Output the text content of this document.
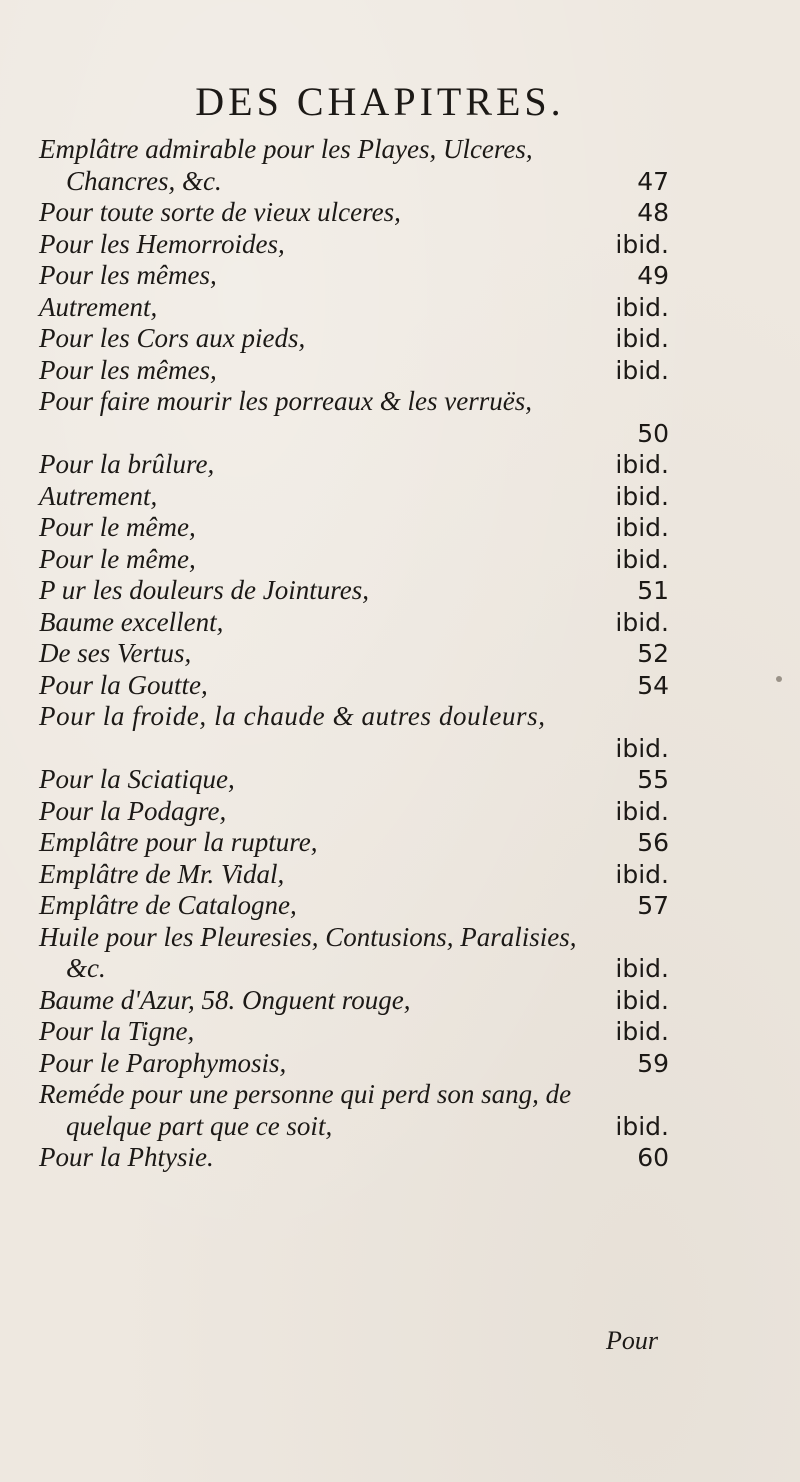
DES CHAPITRES.
Emplâtre admirable pour les Playes, Ulceres,
Chancres, &c.	47
Pour toute sorte de vieux ulceres,	48
Pour les Hemorroides,	ibid.
Pour les mêmes,	49
Autrement,	ibid.
Pour les Cors aux pieds,	ibid.
Pour les mêmes,	ibid.
Pour faire mourir les porreaux & les verruës,
50
Pour la brûlure,	ibid.
Autrement,	ibid.
Pour le même,	ibid.
Pour le même,	ibid.
P ur les douleurs de Jointures,	51
Baume excellent,	ibid.
De ses Vertus,	52
Pour la Goutte,	54
Pour la froide, la chaude & autres douleurs,
ibid.
Pour la Sciatique,	55
Pour la Podagre,	ibid.
Emplâtre pour la rupture,	56
Emplâtre de Mr. Vidal,	ibid.
Emplâtre de Catalogne,	57
Huile pour les Pleuresies, Contusions, Paralisies,
&c.	ibid.
Baume d'Azur, 58. Onguent rouge,	ibid.
Pour la Tigne,	ibid.
Pour le Parophymosis,	59
Reméde pour une personne qui perd son sang, de
quelque part que ce soit,	ibid.
Pour la Phtysie.	60
Pour
